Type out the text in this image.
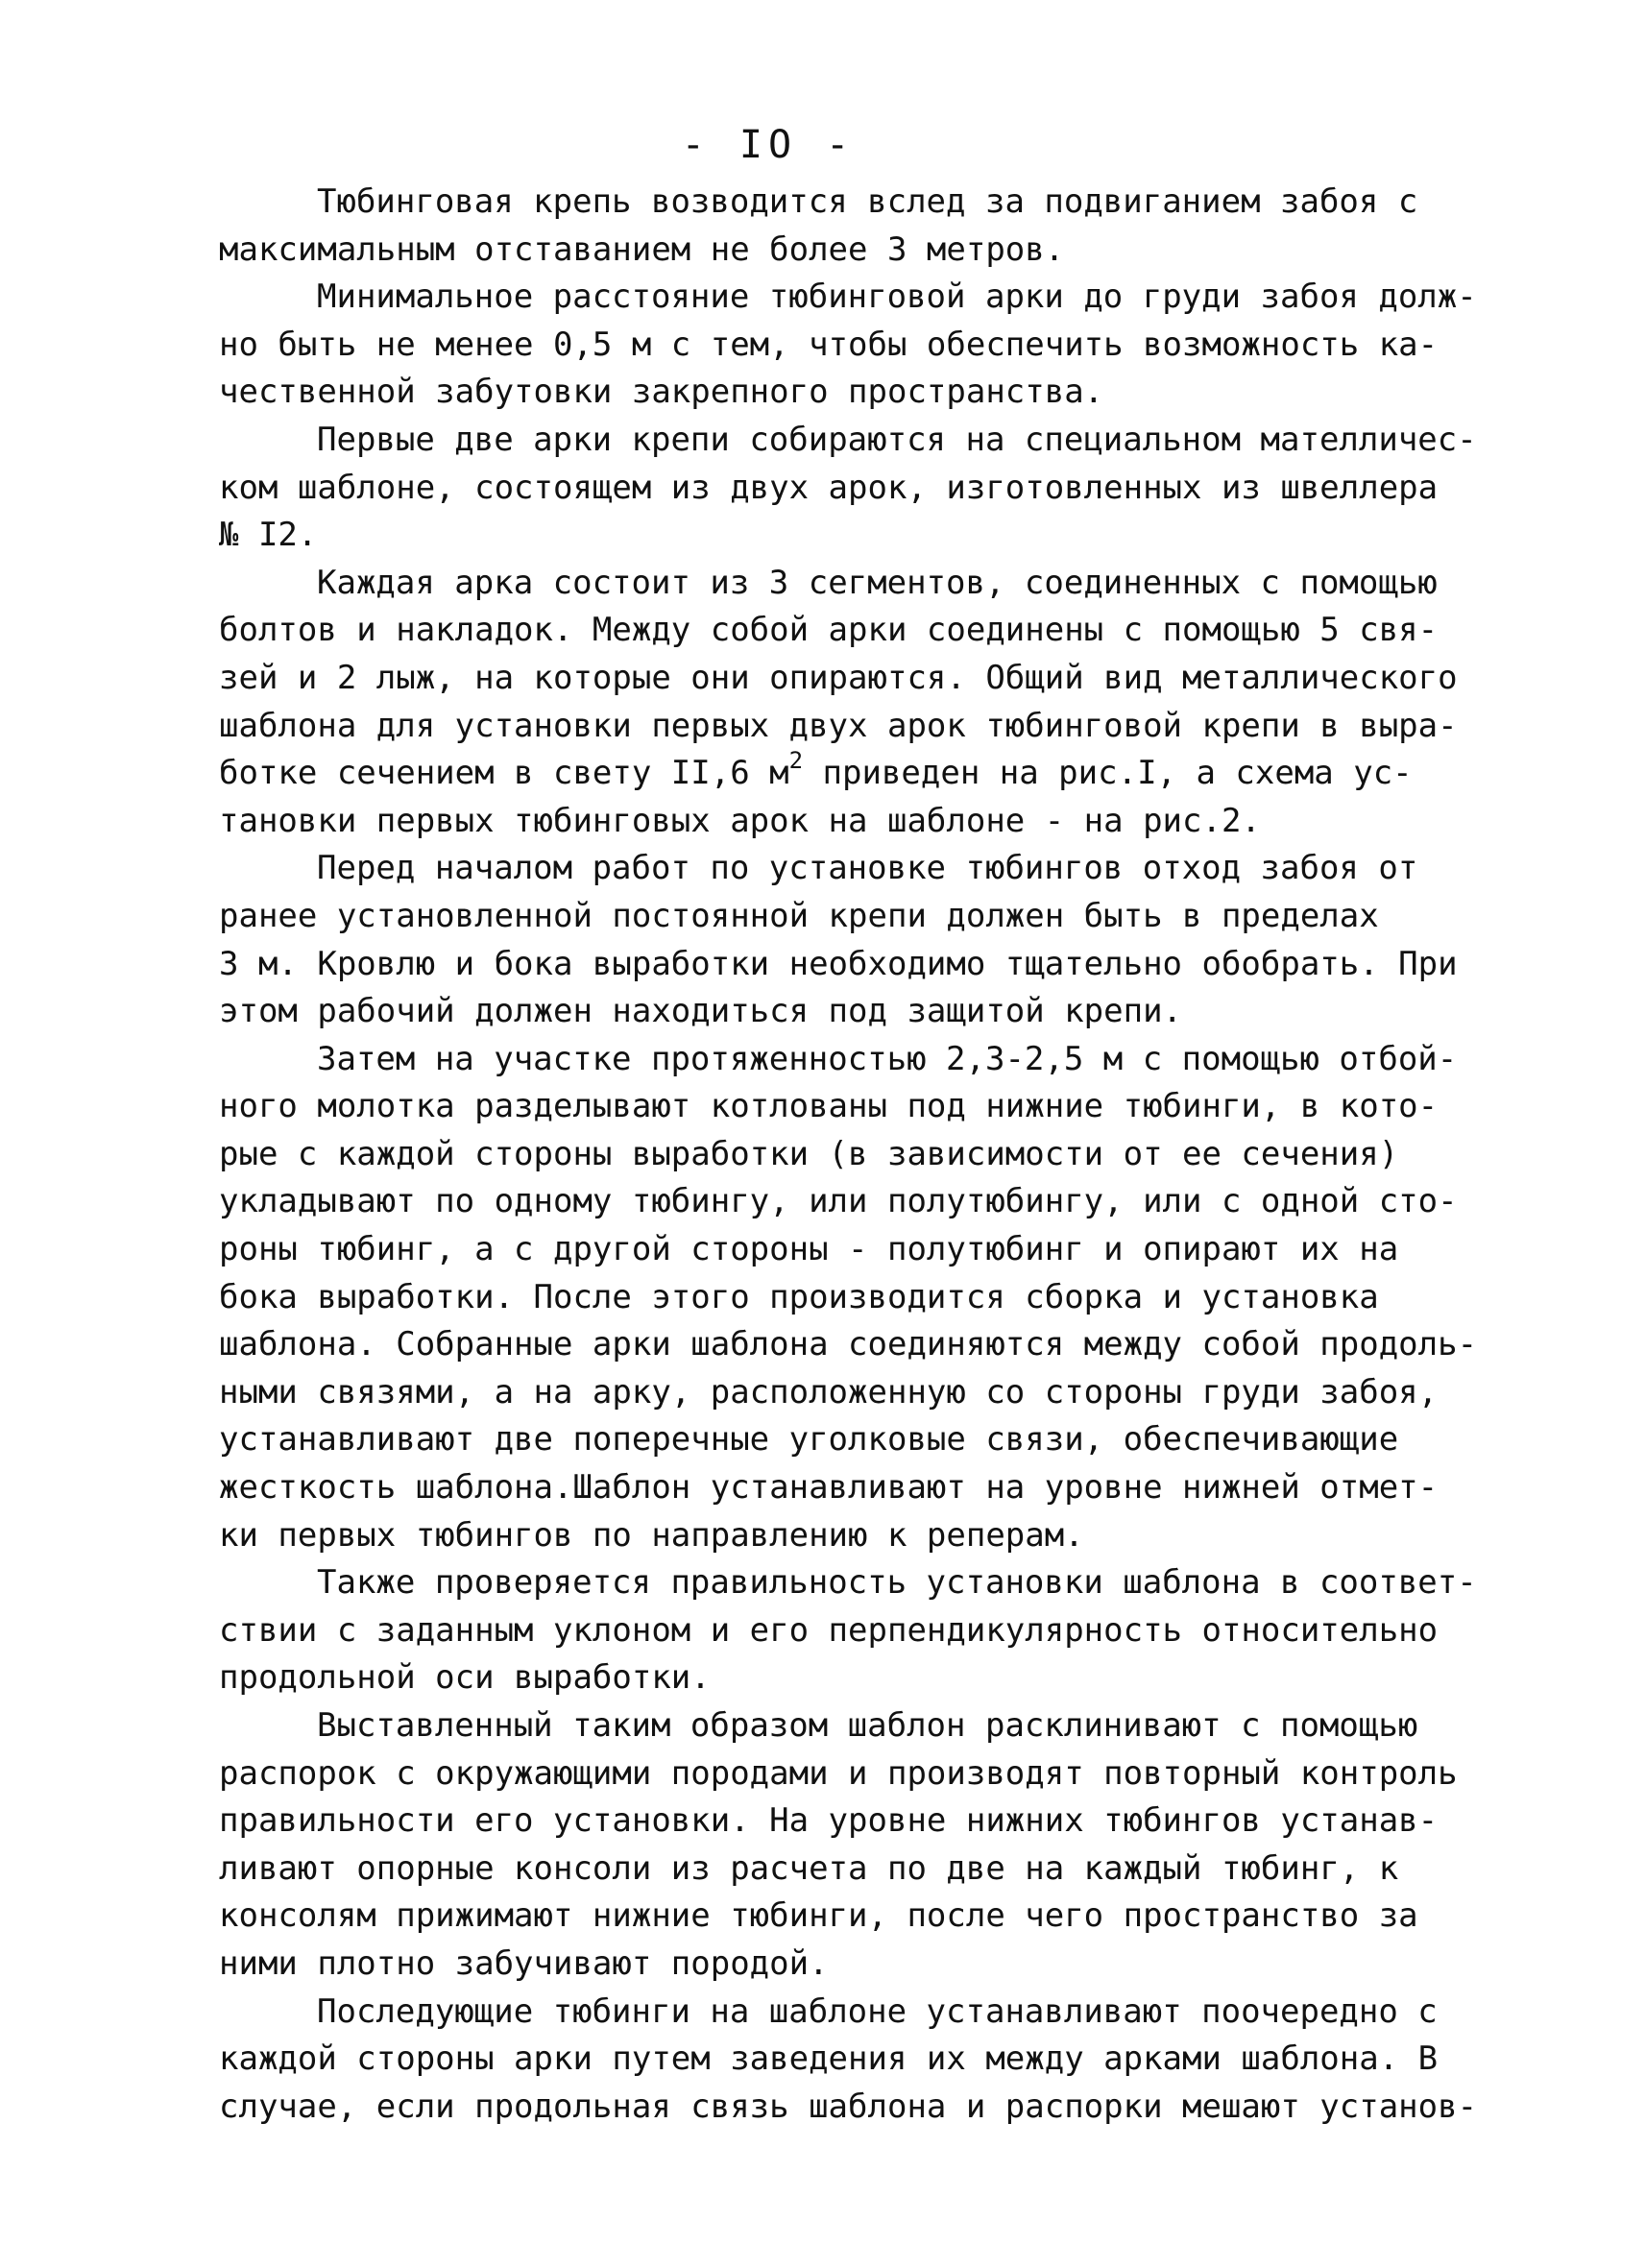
- IO -
Тюбинговая крепь возводится вслед за подвиганием забоя с
максимальным отставанием не более 3 метров.
Минимальное расстояние тюбинговой арки до груди забоя долж-
но быть не менее 0,5 м с тем, чтобы обеспечить возможность ка-
чественной забутовки закрепного пространства.
Первые две арки крепи собираются на специальном мателличес-
ком шаблоне, состоящем из двух арок, изготовленных из швеллера
№ I2.
Каждая арка состоит из 3 сегментов, соединенных с помощью
болтов и накладок. Между собой арки соединены с помощью 5 свя-
зей и 2 лыж, на которые они опираются. Общий вид металлического
шаблона для установки первых двух арок тюбинговой крепи в выра-
ботке сечением в свету II,6 $м^2$ приведен на рис.I, а схема ус-
тановки первых тюбинговых арок на шаблоне - на рис.2.
Перед началом работ по установке тюбингов отход забоя от
ранее установленной постоянной крепи должен быть в пределах
3 м. Кровлю и бока выработки необходимо тщательно обобрать. При
этом рабочий должен находиться под защитой крепи.
Затем на участке протяженностью 2,3-2,5 м с помощью отбой-
ного молотка разделывают котлованы под нижние тюбинги, в кото-
рые с каждой стороны выработки (в зависимости от ее сечения)
укладывают по одному тюбингу, или полутюбингу, или с одной сто-
роны тюбинг, а с другой стороны - полутюбинг и опирают их на
бока выработки. После этого производится сборка и установка
шаблона. Собранные арки шаблона соединяются между собой продоль-
ными связями, а на арку, расположенную со стороны груди забоя,
устанавливают две поперечные уголковые связи, обеспечивающие
жесткость шаблона.Шаблон устанавливают на уровне нижней отмет-
ки первых тюбингов по направлению к реперам.
Также проверяется правильность установки шаблона в соответ-
ствии с заданным уклоном и его перпендикулярность относительно
продольной оси выработки.
Выставленный таким образом шаблон расклинивают с помощью
распорок с окружающими породами и производят повторный контроль
правильности его установки. На уровне нижних тюбингов устанав-
ливают опорные консоли из расчета по две на каждый тюбинг, к
консолям прижимают нижние тюбинги, после чего пространство за
ними плотно забучивают породой.
Последующие тюбинги на шаблоне устанавливают поочередно с
каждой стороны арки путем заведения их между арками шаблона. В
случае, если продольная связь шаблона и распорки мешают установ-
